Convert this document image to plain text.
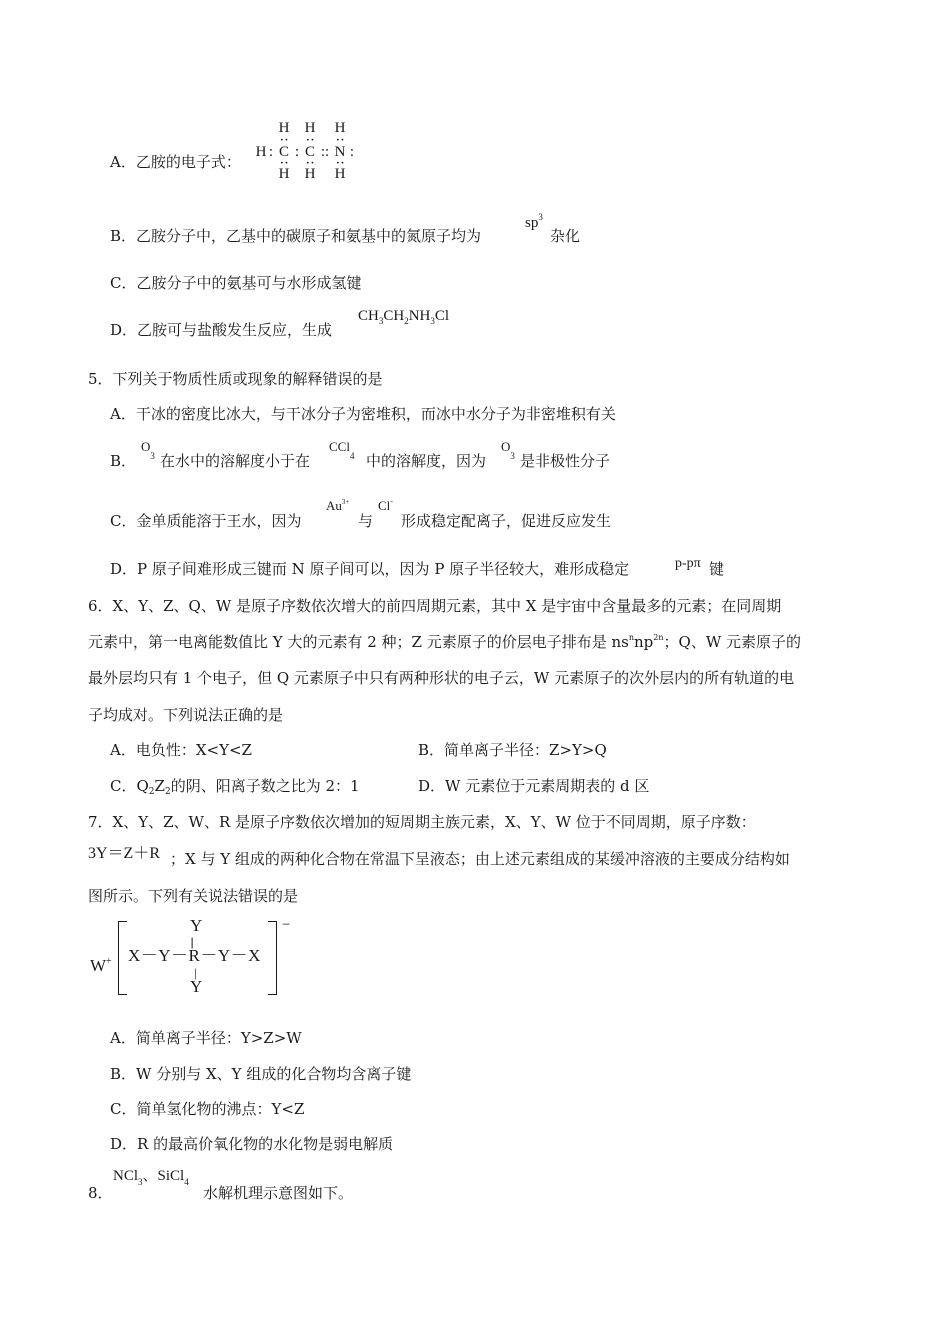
A．乙胺的电子式：
H H H
·· ·· ··
H : C : C :: N :
·· ·· ··
H H H
B．乙胺分子中，乙基中的碳原子和氨基中的氮原子均为
$sp^3$
杂化
C．乙胺分子中的氨基可与水形成氢键
D．乙胺可与盐酸发生反应，生成
$CH_3CH_2NH_3Cl$
5．下列关于物质性质或现象的解释错误的是
A．干冰的密度比冰大，与干冰分子为密堆积，而冰中水分子为非密堆积有关
B．
$O_3$ 在水中的溶解度小于在
CCl$_4$ 中的溶解度，因为
$O_3$ 是非极性分子
C．金单质能溶于王水，因为
$Au^{3+}$
与
Cl-
形成稳定配离子，促进反应发生
D．P 原子间难形成三键而 N 原子间可以，因为 P 原子半径较大，难形成稳定	p-pπ 键
6．X、Y、Z、Q、W 是原子序数依次增大的前四周期元素，其中 X 是宇宙中含量最多的元素；在同周期
元素中，第一电离能数值比 Y 大的元素有 2 种；Z 元素原子的价层电子排布是 $ns^nnp^{2n}$；Q、W 元素原子的
最外层均只有 1 个电子，但 Q 元素原子中只有两种形状的电子云，W 元素原子的次外层内的所有轨道的电
子均成对。下列说法正确的是
A．电负性：X<Y<Z	B．简单离子半径：Z>Y>Q
C．$Q_2Z_2$的阴、阳离子数之比为 2：1	D．W 元素位于元素周期表的 d 区
7．X、Y、Z、W、R 是原子序数依次增加的短周期主族元素，X、Y、W 位于不同周期，原子序数：
3Y＝Z＋R ；X 与 Y 组成的两种化合物在常温下呈液态；由上述元素组成的某缓冲溶液的主要成分结构如
图所示。下列有关说法错误的是
W+
Y
X－Y－R－Y－X
|
Y
−
A．简单离子半径：Y>Z>W
B．W 分别与 X、Y 组成的化合物均含离子键
C．简单氢化物的沸点：Y<Z
D．R 的最高价氧化物的水化物是弱电解质
8．
NCl$_3$、SiCl$_4$
水解机理示意图如下。
